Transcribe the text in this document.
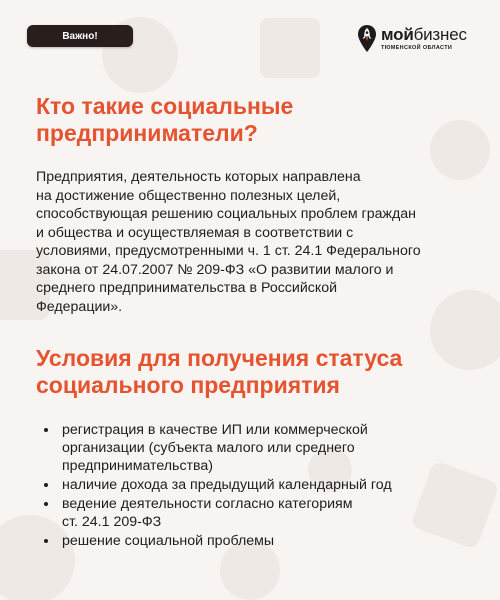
Важно!	мойбизнес
ТЮМЕНСКОЙ ОБЛАСТИ
Кто такие социальные
предприниматели?

Предприятия, деятельность которых направлена
на достижение общественно полезных целей,
способствующая решению социальных проблем граждан
и общества и осуществляемая в соответствии с
условиями, предусмотренными ч. 1 ст. 24.1 Федерального
закона от 24.07.2007 № 209-ФЗ «О развитии малого и
среднего предпринимательства в Российской
Федерации».

Условия для получения статуса
социального предприятия
регистрация в качестве ИП или коммерческой
организации (субъекта малого или среднего
предпринимательства)
наличие дохода за предыдущий календарный год
ведение деятельности согласно категориям
ст. 24.1 209-ФЗ
решение социальной проблемы
